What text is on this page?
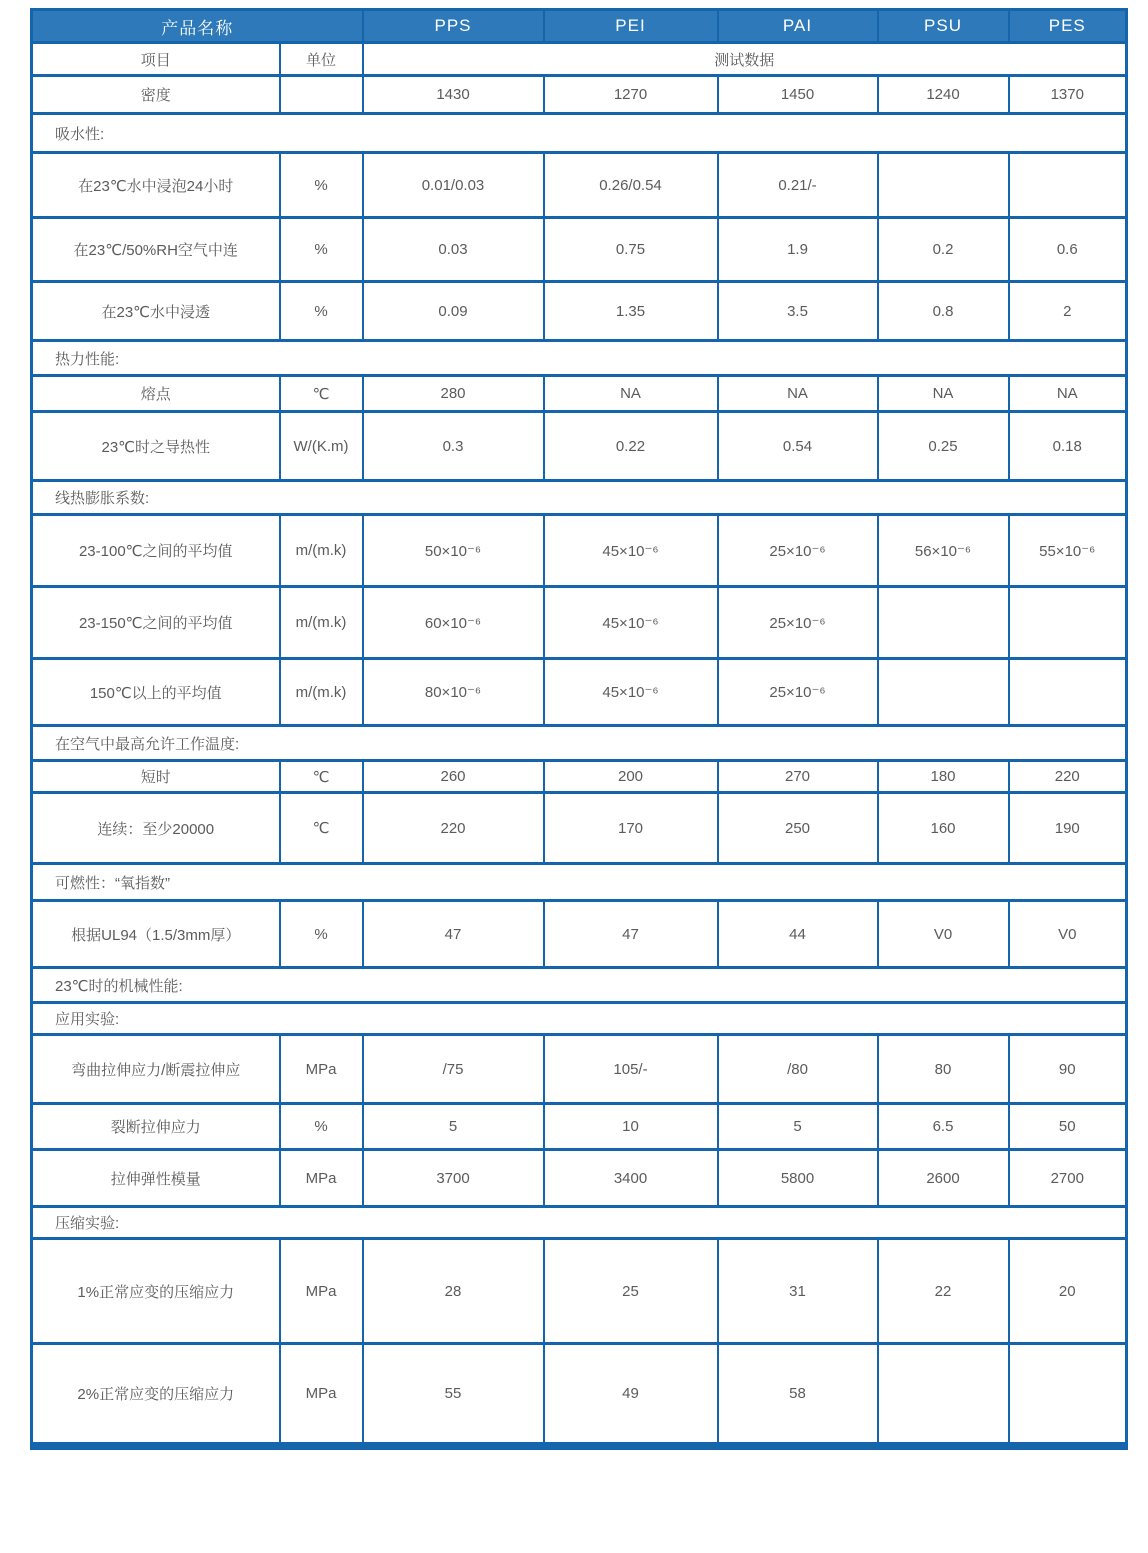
产品名称		PPS	PEI	PAI	PSU	PES
项目	单位	测试数据				
密度		1430	1270	1450	1240	1370
吸水性:						
在23℃水中浸泡24小时	%	0.01/0.03	0.26/0.54	0.21/-		
在23℃/50%RH空气中连	%	0.03	0.75	1.9	0.2	0.6
在23℃水中浸透	%	0.09	1.35	3.5	0.8	2
热力性能:						
熔点	℃	280	NA	NA	NA	NA
23℃时之导热性	W/(K.m)	0.3	0.22	0.54	0.25	0.18
线热膨胀系数:						
23-100℃之间的平均值	m/(m.k)	50×10⁻⁶	45×10⁻⁶	25×10⁻⁶	56×10⁻⁶	55×10⁻⁶
23-150℃之间的平均值	m/(m.k)	60×10⁻⁶	45×10⁻⁶	25×10⁻⁶		
150℃以上的平均值	m/(m.k)	80×10⁻⁶	45×10⁻⁶	25×10⁻⁶		
在空气中最高允许工作温度:						
短时	℃	260	200	270	180	220
连续：至少20000	℃	220	170	250	160	190
可燃性：“氧指数”						
根据UL94（1.5/3mm厚）	%	47	47	44	V0	V0
23℃时的机械性能:						
应用实验:						
弯曲拉伸应力/断震拉伸应	MPa	/75	105/-	/80	80	90
裂断拉伸应力	%	5	10	5	6.5	50
拉伸弹性模量	MPa	3700	3400	5800	2600	2700
压缩实验:						
1%正常应变的压缩应力	MPa	28	25	31	22	20
2%正常应变的压缩应力	MPa	55	49	58		
